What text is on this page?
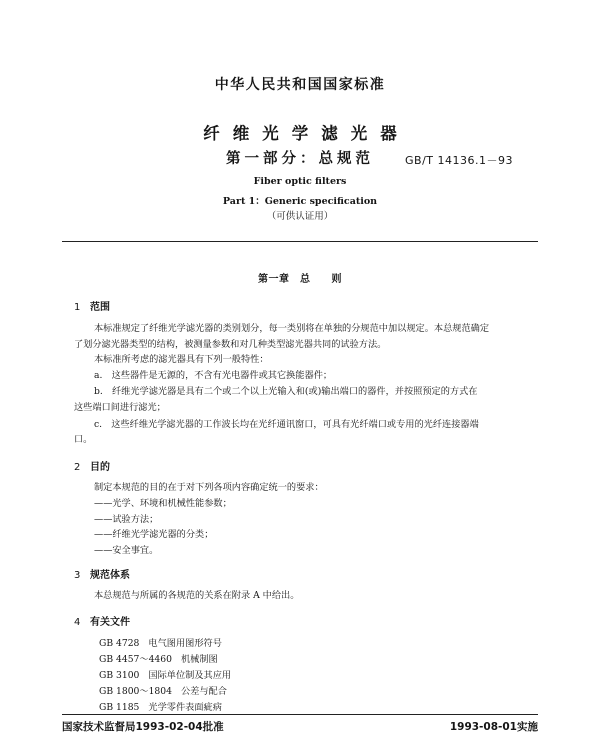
中华人民共和国国家标准
纤维光学滤光器
第一部分：总规范	GB/T 14136.1－93
Fiber optic filters
Part 1：Generic specification
（可供认证用）
第一章　总　　则
1 范围
本标准规定了纤维光学滤光器的类别划分，每一类别将在单独的分规范中加以规定。本总规范确定
了划分滤光器类型的结构，被测量参数和对几种类型滤光器共同的试验方法。
本标准所考虑的滤光器具有下列一般特性：
a.　这些器件是无源的，不含有光电器件或其它换能器件；
b.　纤维光学滤光器是具有二个或二个以上光输入和(或)输出端口的器件，并按照预定的方式在
这些端口间进行滤光；
c.　这些纤维光学滤光器的工作波长均在光纤通讯窗口，可具有光纤端口或专用的光纤连接器端
口。
2 目的
制定本规范的目的在于对下列各项内容确定统一的要求：
——光学、环境和机械性能参数；
——试验方法；
——纤维光学滤光器的分类；
——安全事宜。
3 规范体系
本总规范与所属的各规范的关系在附录 A 中给出。
4 有关文件
GB 4728 电气图用图形符号
GB 4457～4460 机械制图
GB 3100 国际单位制及其应用
GB 1800～1804 公差与配合
GB 1185 光学零件表面疵病
国家技术监督局1993-02-04批准	1993-08-01实施
